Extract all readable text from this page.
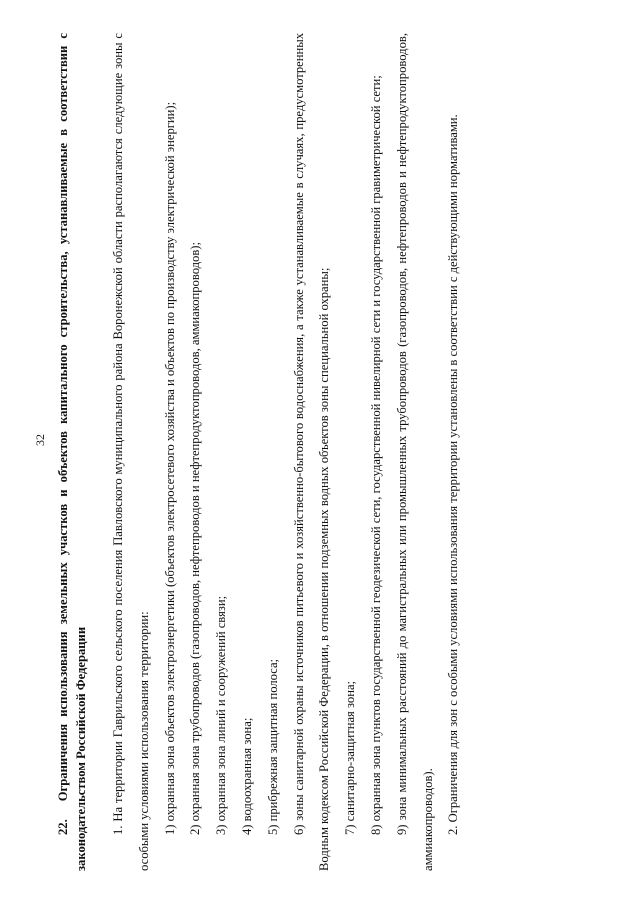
32

22.Ограничения использования земельных участков и объектов капитального строительства, устанавливаемые в соответствии с законодательством Российской Федерации	1. На территории Гаврильского сельского поселения Павловского муниципального района Воронежской области располагаются следующие зоны с особыми условиями использования территории: 1) охранная зона объектов электроэнергетики (объектов электросетевого хозяйства и объектов по производству электрической энергии); 2) охранная зона трубопроводов (газопроводов, нефтепроводов и нефтепродуктопроводов, аммиакопроводов); 3) охранная зона линий и сооружений связи; 4) водоохранная зона; 5) прибрежная защитная полоса; 6) зоны санитарной охраны источников питьевого и хозяйственно-бытового водоснабжения, а также устанавливаемые в случаях, предусмотренных Водным кодексом Российской Федерации, в отношении подземных водных объектов зоны специальной охраны; 7) санитарно-защитная зона; 8) охранная зона пунктов государственной геодезической сети, государственной нивелирной сети и государственной гравиметрической сети; 9) зона минимальных расстояний до магистральных или промышленных трубопроводов (газопроводов, нефтепроводов и нефтепродуктопроводов, аммиакопроводов). 2. Ограничения для зон с особыми условиями использования территории установлены в соответствии с действующими нормативами.
